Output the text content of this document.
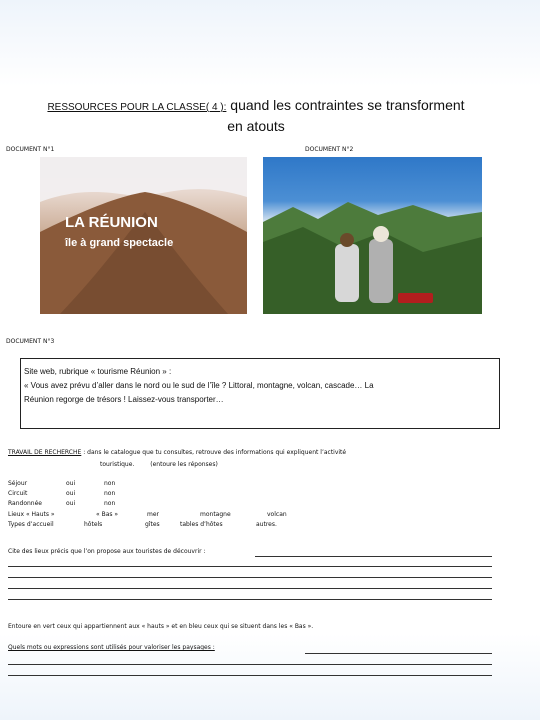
RESSOURCES POUR LA CLASSE( 4 ): quand les contraintes se transforment
en atouts
DOCUMENT N°1	DOCUMENT N°2
LA RÉUNION
île à grand spectacle
DOCUMENT N°3

Site web, rubrique « tourisme Réunion » :
« Vous avez prévu d’aller dans le nord ou le sud de l’île ? Littoral, montagne, volcan, cascade… La
Réunion regorge de trésors ! Laissez-vous transporter…

TRAVAIL DE RECHERCHE : dans le catalogue que tu consultes, retrouve des informations qui expliquent l’activité
touristique.	(entoure les réponses)
Séjour	oui	non
Circuit	oui	non
Randonnée	oui	non
Lieux « Hauts »	« Bas »	mer	montagne	volcan
Types d’accueil	hôtels	gîtes	tables d’hôtes	autres.
Cite des lieux précis que l’on propose aux touristes de découvrir :
Entoure en vert ceux qui appartiennent aux « hauts » et en bleu ceux qui se situent dans les « Bas ».
Quels mots ou expressions sont utilisés pour valoriser les paysages :
